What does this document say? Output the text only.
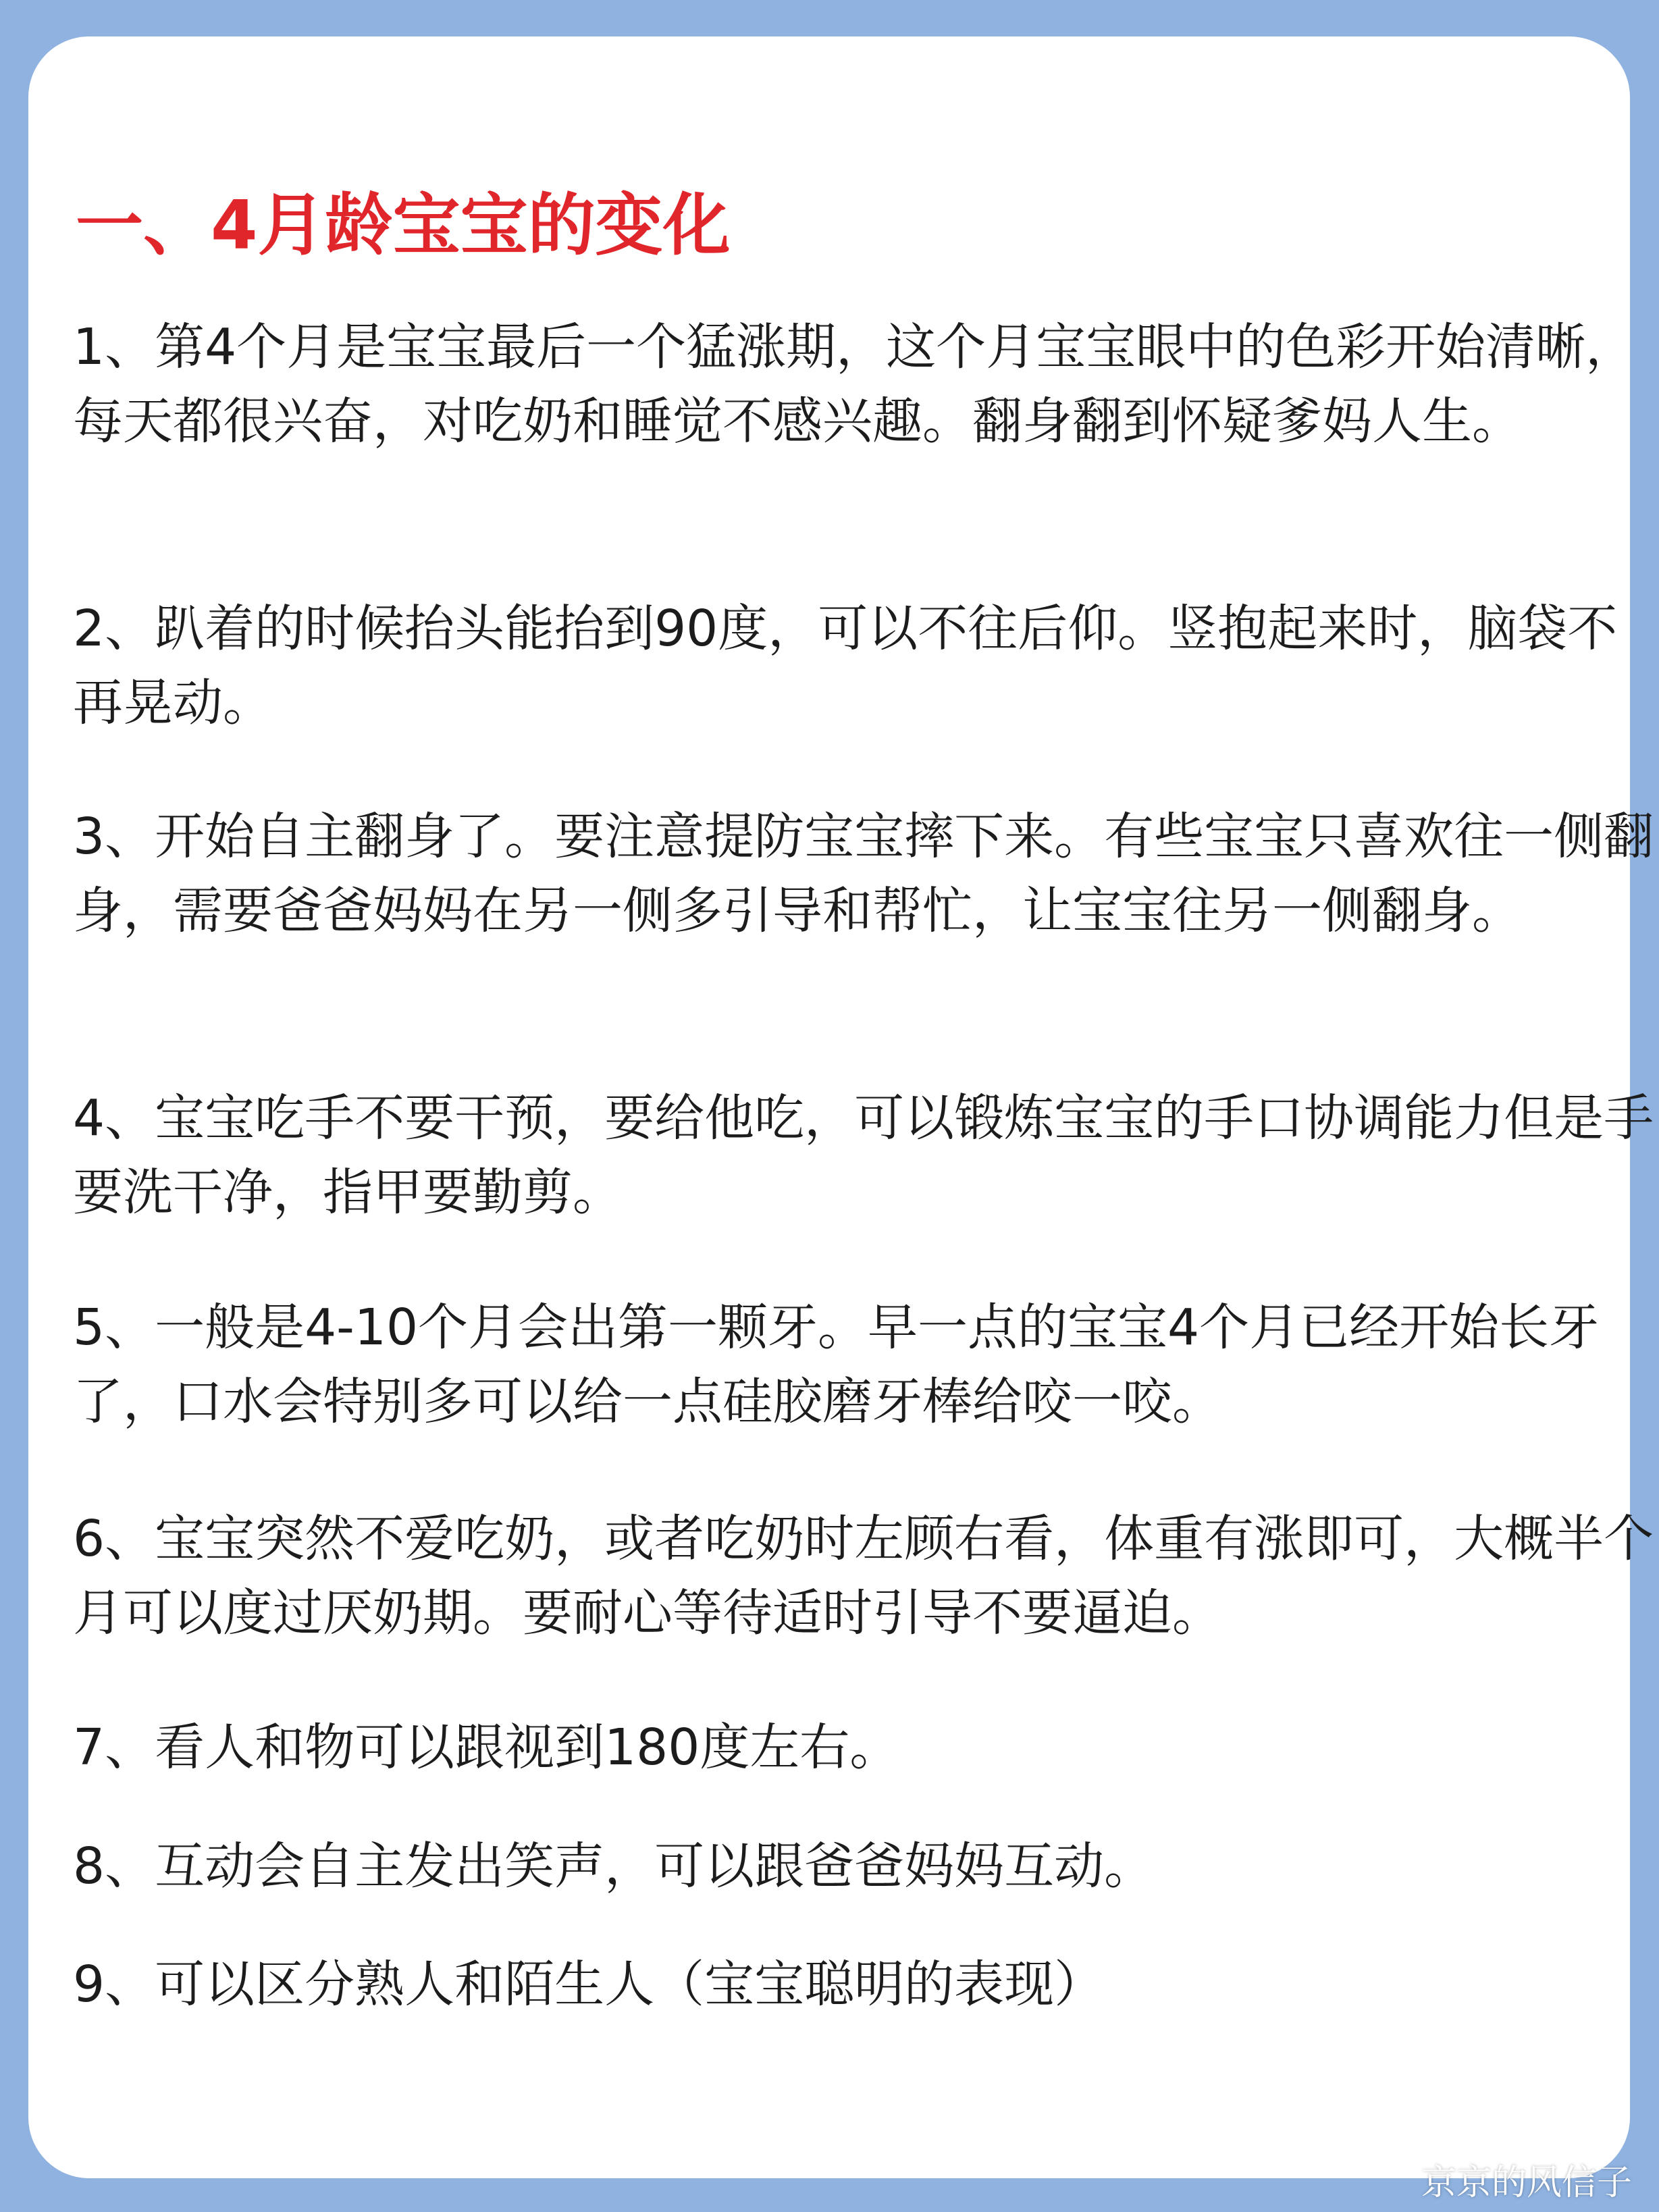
一、4月龄宝宝的变化

1、第4个月是宝宝最后一个猛涨期，这个月宝宝眼中的色彩开始清晰，每天都很兴奋，对吃奶和睡觉不感兴趣。翻身翻到怀疑爹妈人生。

2、趴着的时候抬头能抬到90度，可以不往后仰。竖抱起来时，脑袋不再晃动。

3、开始自主翻身了。要注意提防宝宝摔下来。有些宝宝只喜欢往一侧翻身，需要爸爸妈妈在另一侧多引导和帮忙，让宝宝往另一侧翻身。

4、宝宝吃手不要干预，要给他吃，可以锻炼宝宝的手口协调能力但是手要洗干净，指甲要勤剪。

5、一般是4-10个月会出第一颗牙。早一点的宝宝4个月已经开始长牙了，口水会特别多可以给一点硅胶磨牙棒给咬一咬。

6、宝宝突然不爱吃奶，或者吃奶时左顾右看，体重有涨即可，大概半个月可以度过厌奶期。要耐心等待适时引导不要逼迫。

7、看人和物可以跟视到180度左右。

8、互动会自主发出笑声，可以跟爸爸妈妈互动。

9、可以区分熟人和陌生人（宝宝聪明的表现）

京京的风信子
